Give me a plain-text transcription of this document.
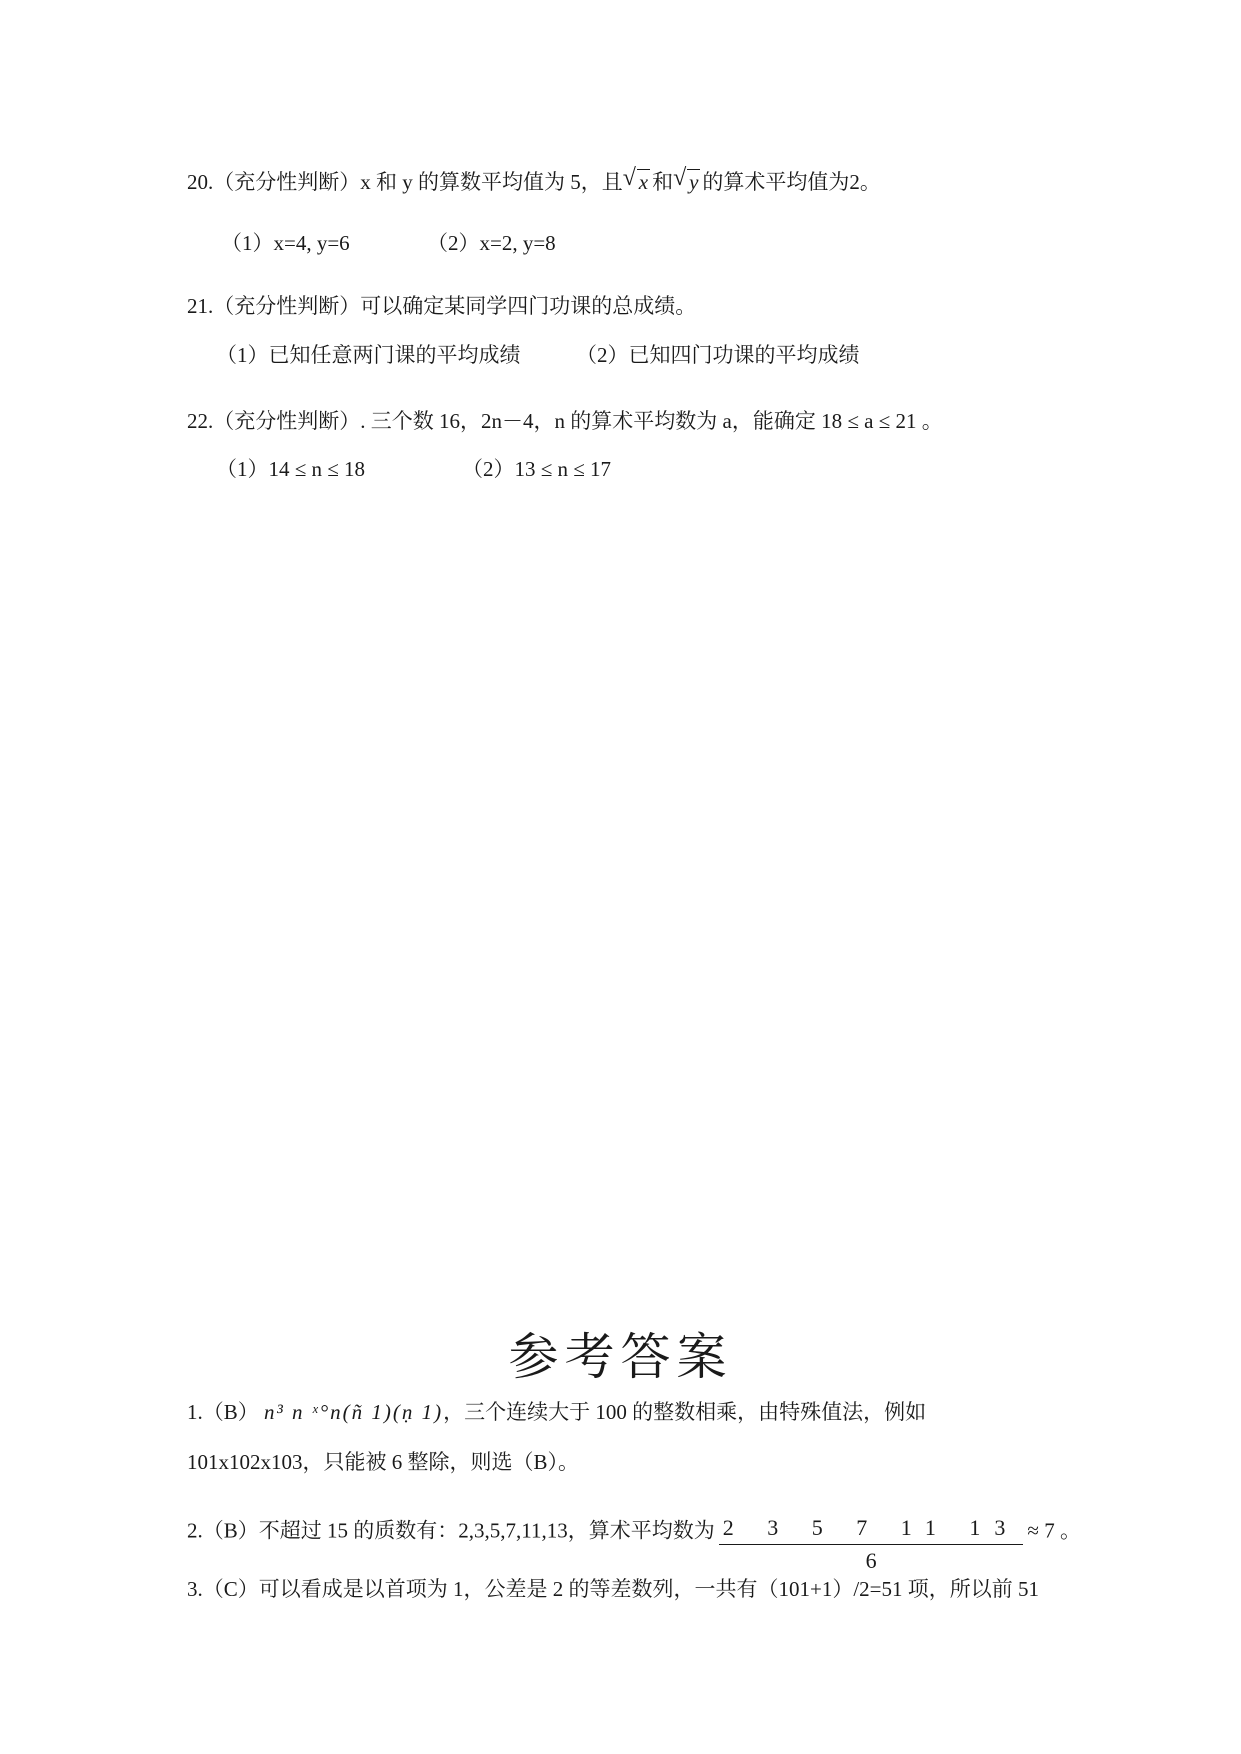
20.（充分性判断）x 和 y 的算数平均值为 5，且 √ x 和 √ y 的算术平均值为2。
（1）x=4, y=6	（2）x=2, y=8
21.（充分性判断）可以确定某同学四门功课的总成绩。
（1）已知任意两门课的平均成绩	（2）已知四门功课的平均成绩
22.（充分性判断）. 三个数 16，2n－4，n 的算术平均数为 a，能确定 18 ≤ a ≤ 21 。
（1）14 ≤ n ≤ 18	（2）13 ≤ n ≤ 17
参考答案
1.（B） n³ n ˣ°n(ñ 1)(ṇ 1)，三个连续大于 100 的整数相乘，由特殊值法，例如
101x102x103，只能被 6 整除，则选（B）。
2.（B）不超过 15 的质数有：2,3,5,7,11,13，算术平均数为 $\frac{2 3 5 7 11 13}{6} \approx 7$ 。
3.（C）可以看成是以首项为 1，公差是 2 的等差数列，一共有（101+1）/2=51 项，所以前 51
